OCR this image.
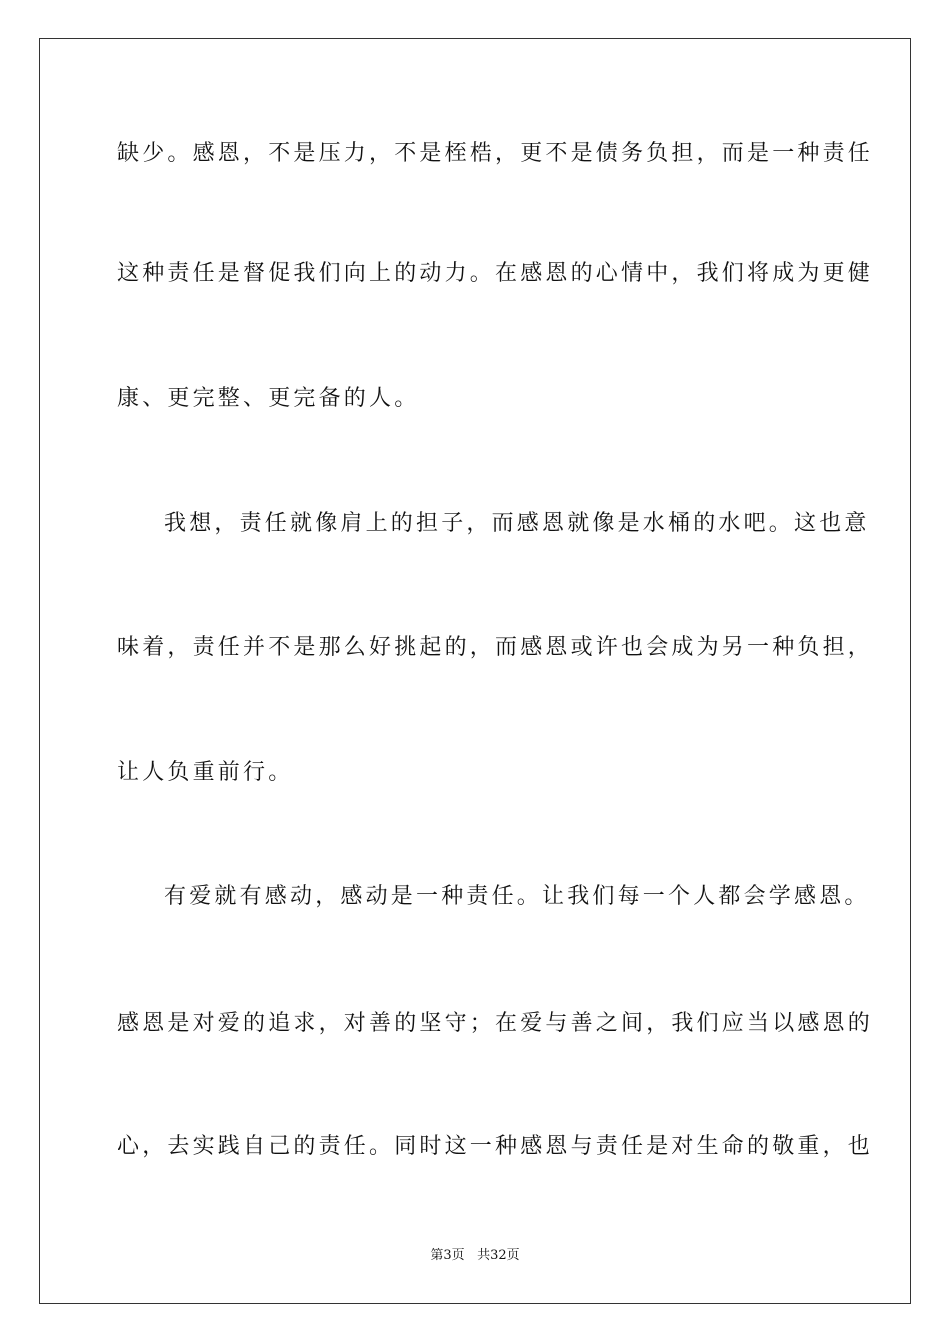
缺少。感恩，不是压力，不是桎梏，更不是债务负担，而是一种责任
这种责任是督促我们向上的动力。在感恩的心情中，我们将成为更健
康、更完整、更完备的人。
我想，责任就像肩上的担子，而感恩就像是水桶的水吧。这也意
味着，责任并不是那么好挑起的，而感恩或许也会成为另一种负担，
让人负重前行。
有爱就有感动，感动是一种责任。让我们每一个人都会学感恩。
感恩是对爱的追求，对善的坚守；在爱与善之间，我们应当以感恩的
心，去实践自己的责任。同时这一种感恩与责任是对生命的敬重，也
第3页 共32页
